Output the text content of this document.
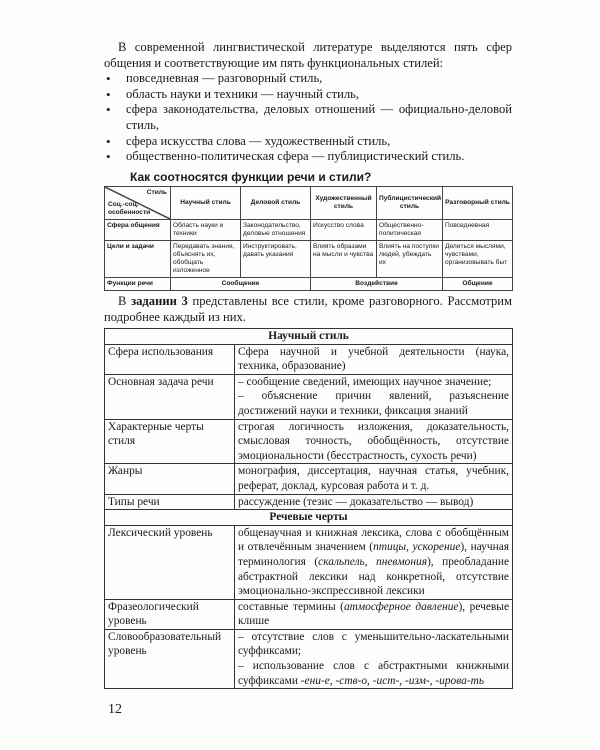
В современной лингвистической литературе выделяются пять сфер общения и соответствующие им пять функциональных стилей:

• повседневная — разговорный стиль,
• область науки и техники — научный стиль,
• сфера законодательства, деловых отношений — официально-деловой стиль,
• сфера искусства слова — художественный стиль,
• общественно-политическая сфера — публицистический стиль.
Как соотносятся функции речи и стили?
Стиль
Соц.-соц. особенности	Научный стиль	Деловой стиль	Художественный стиль	Публицистический стиль	Разговорный стиль
Сфера общения	Область науки и техники	Законодательство, деловые отношения	Искусство слова	Общественно-политическая	Повседневная
Цели и задачи	Передавать знания, объяснять их, обобщать изложенное	Инструктировать, давать указания	Влиять образами на мысли и чувства	Влиять на поступки людей, убеждать их	Делиться мыслями, чувствами, организовывать быт
Функции речи	Сообщение		Воздействие		Общение

В задании 3 представлены все стили, кроме разговорного. Рассмотрим подробнее каждый из них.

Научный стиль	
Сфера использования	Сфера научной и учебной деятельности (наука, техника, образование)
Основная задача речи	– сообщение сведений, имеющих научное значение;
– объяснение причин явлений, разъяснение достижений науки и техники, фиксация знаний
Характерные черты стиля	строгая логичность изложения, доказательность, смысловая точность, обобщённость, отсутствие эмоциональности (бесстрастность, сухость речи)
Жанры	монография, диссертация, научная статья, учебник, реферат, доклад, курсовая работа и т. д.
Типы речи	рассуждение (тезис — доказательство — вывод)
Речевые черты	
Лексический уровень	общенаучная и книжная лексика, слова с обобщённым и отвлечённым значением (птицы, ускорение), научная терминология (скальпель, пневмония), преобладание абстрактной лексики над конкретной, отсутствие эмоционально-экспрессивной лексики
Фразеологический уровень	составные термины (атмосферное давление), речевые клише
Словообразовательный уровень	– отсутствие слов с уменьшительно-ласкательными суффиксами;
– использование слов с абстрактными книжными суффиксами -ени-е, -ств-о, -ист-, -изм-, -ирова-ть
12
